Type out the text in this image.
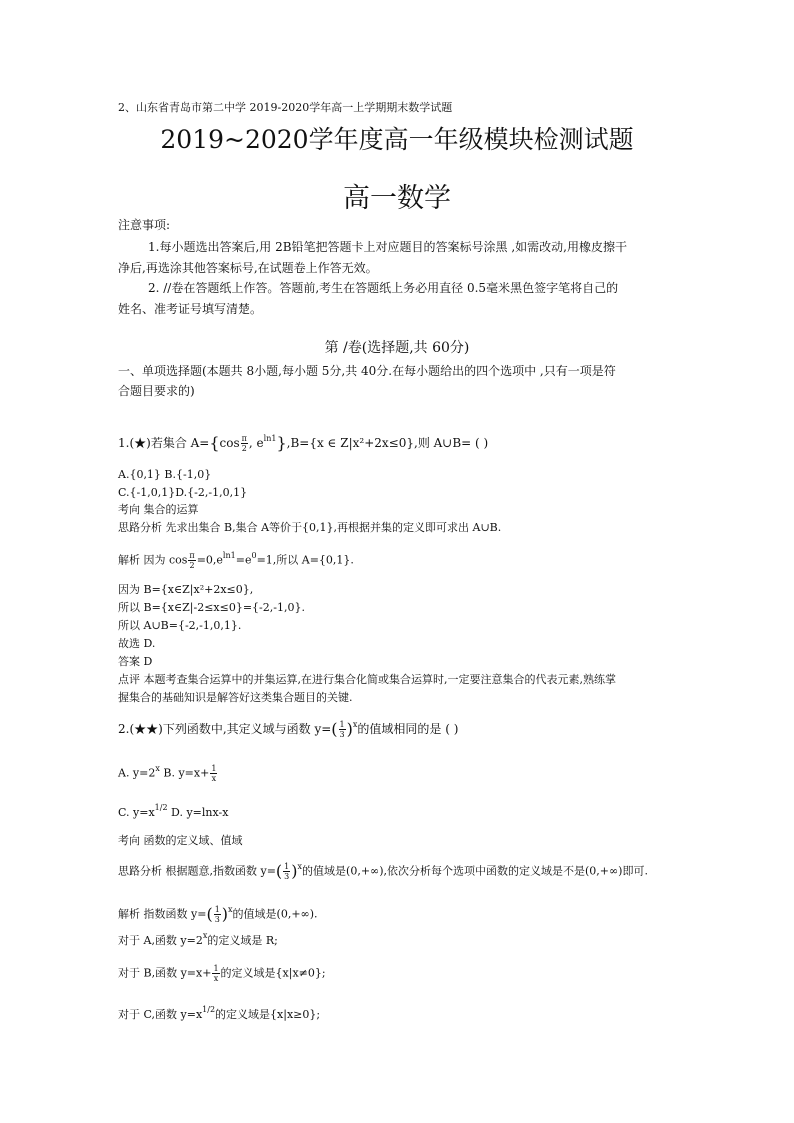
2、山东省青岛市第二中学 2019-2020学年高一上学期期末数学试题
2019~2020学年度高一年级模块检测试题
高一数学
注意事项:
1.每小题选出答案后,用 2B铅笔把答题卡上对应题目的答案标号涂黑 ,如需改动,用橡皮擦干
净后,再选涂其他答案标号,在试题卷上作答无效。
2. //卷在答题纸上作答。答题前,考生在答题纸上务必用直径 0.5毫米黑色签字笔将自己的
姓名、准考证号填写清楚。
第 /卷(选择题,共 60分)
一、单项选择题(本题共 8小题,每小题 5分,共 40分.在每小题给出的四个选项中 ,只有一项是符
合题目要求的)
1.(★)若集合 $A=\{\cos \frac{\pi}{2}$ , $e^{ln1}\},B=\{x$ ∈ Z|x²+2x≤0},则 A∪B= ( )
A.{0,1} B.{-1,0}
C.{-1,0,1}D.{-2,-1,0,1}
考向 集合的运算
思路分析 先求出集合 B,集合 A等价于{0,1},再根据并集的定义即可求出 A∪B.
解析 因为 $\cos \frac{\pi}{2} =0,e^{ln1}=e^0=1$,所以 A={0,1}.
因为 B={x∈Z|x²+2x≤0},
所以 B={x∈Z|-2≤x≤0}={-2,-1,0}.
所以 A∪B={-2,-1,0,1}.
故选 D.
答案 D
点评 本题考查集合运算中的并集运算,在进行集合化简或集合运算时,一定要注意集合的代表元素,熟练掌
握集合的基础知识是解答好这类集合题目的关键.
2.(★★)下列函数中,其定义域与函数 $y=( \frac{1}{3} )^x$的值域相同的是 ( )
A. $y=2^x$ B. $y=x+ \frac{1}{x}$
C. $y=x^{1/2}$ D. y=lnx-x
考向 函数的定义域、值域
思路分析 根据题意,指数函数 $y=( \frac{1}{3} )^x$的值域是(0,+∞),依次分析每个选项中函数的定义域是不是(0,+∞)即可.
解析 指数函数 $y=( \frac{1}{3} )^x$的值域是(0,+∞).
对于 A,函数 $y=2^x$的定义域是 R;
对于 B,函数 $y=x+ \frac{1}{x}$ 的定义域是{x|x≠0};
对于 C,函数 $y=x^{1/2}$的定义域是{x|x≥0};
